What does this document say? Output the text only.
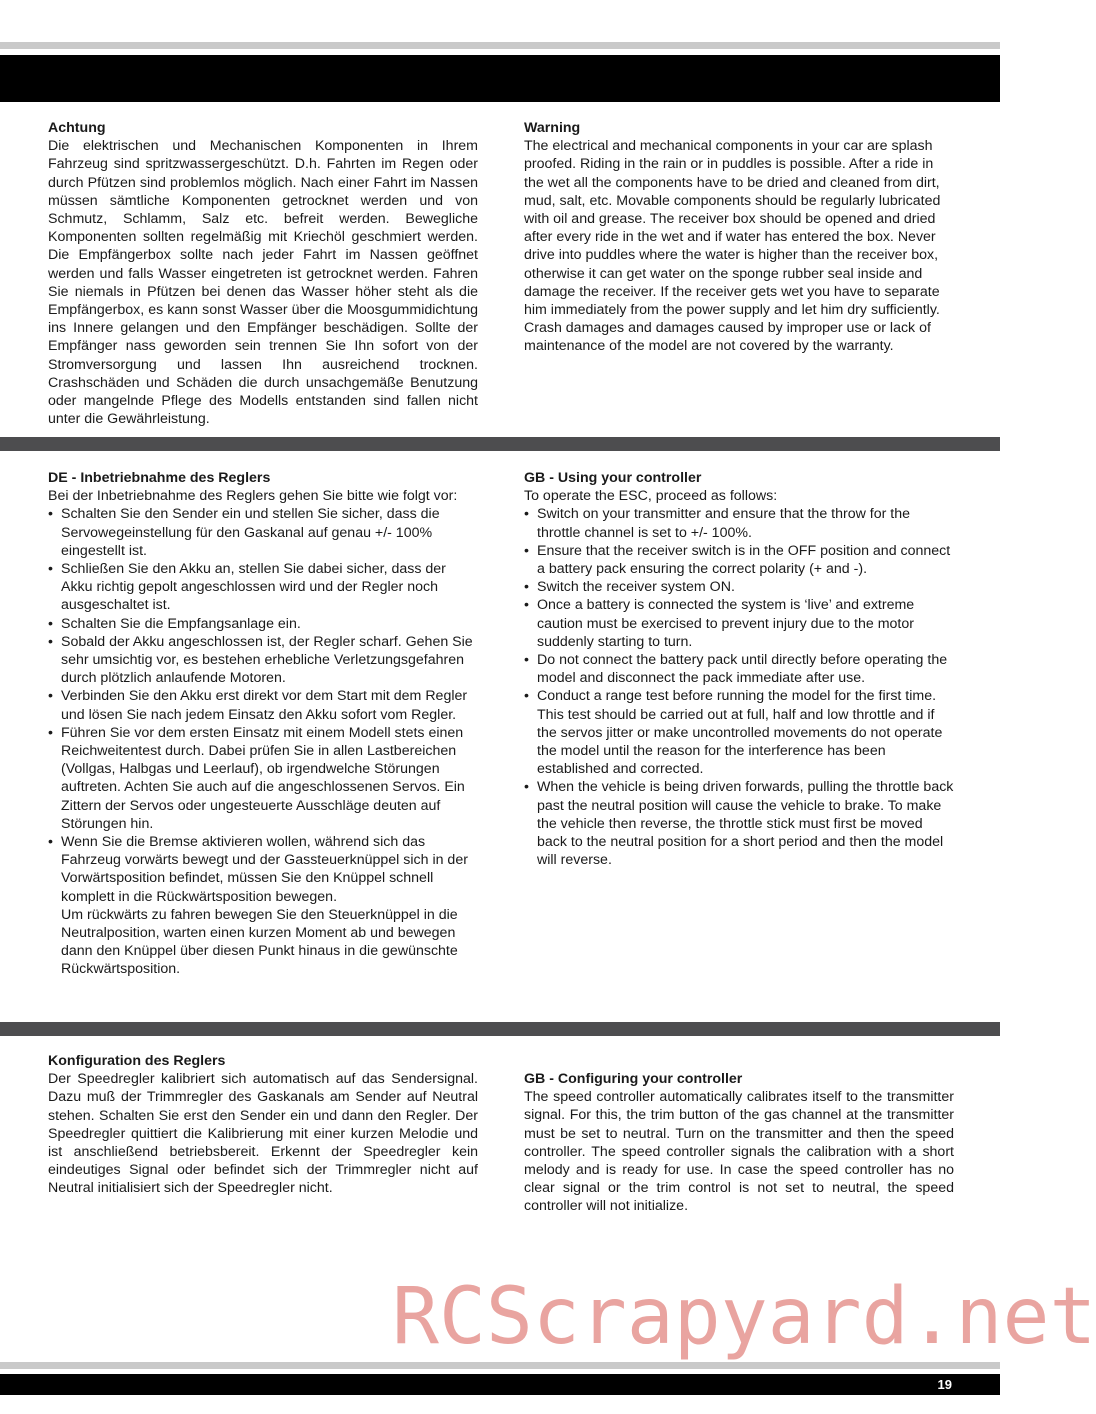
Achtung
Die elektrischen und Mechanischen Komponenten in Ihrem Fahrzeug sind spritzwassergeschützt. D.h. Fahrten im Regen oder durch Pfützen sind problemlos möglich. Nach einer Fahrt im Nassen müssen sämtliche Komponenten getrocknet werden und von Schmutz, Schlamm, Salz etc. befreit werden. Bewegliche Komponenten sollten regelmäßig mit Kriechöl geschmiert werden. Die Empfängerbox sollte nach jeder Fahrt im Nassen geöffnet werden und falls Wasser eingetreten ist getrocknet werden. Fahren Sie niemals in Pfützen bei denen das Wasser höher steht als die Empfängerbox, es kann sonst Wasser über die Moosgummidichtung ins Innere gelangen und den Empfänger beschädigen. Sollte der Empfänger nass geworden sein trennen Sie Ihn sofort von der Stromversorgung und lassen Ihn ausreichend trocknen. Crashschäden und Schäden die durch unsachgemäße Benutzung oder mangelnde Pflege des Modells entstanden sind fallen nicht unter die Gewährleistung.
Warning
The electrical and mechanical components in your car are splash proofed. Riding in the rain or in puddles is possible. After a ride in the wet all the components have to be dried and cleaned from dirt, mud, salt, etc. Movable components should be regularly lubricated with oil and grease. The receiver box should be opened and dried after every ride in the wet and if water has entered the box. Never drive into puddles where the water is higher than the receiver box, otherwise it can get water on the sponge rubber seal inside and damage the receiver. If the receiver gets wet you have to separate him immediately from the power supply and let him dry sufficiently. Crash damages and damages caused by improper use or lack of maintenance of the model are not covered by the warranty.
DE - Inbetriebnahme des Reglers
Bei der Inbetriebnahme des Reglers gehen Sie bitte wie folgt vor:
• Schalten Sie den Sender ein und stellen Sie sicher, dass die Servowegeinstellung für den Gaskanal auf genau +/- 100% eingestellt ist.
• Schließen Sie den Akku an, stellen Sie dabei sicher, dass der Akku richtig gepolt angeschlossen wird und der Regler noch ausgeschaltet ist.
• Schalten Sie die Empfangsanlage ein.
• Sobald der Akku angeschlossen ist, der Regler scharf. Gehen Sie sehr umsichtig vor, es bestehen erhebliche Verletzungsgefahren durch plötzlich anlaufende Motoren.
• Verbinden Sie den Akku erst direkt vor dem Start mit dem Regler und lösen Sie nach jedem Einsatz den Akku sofort vom Regler.
• Führen Sie vor dem ersten Einsatz mit einem Modell stets einen Reichweitentest durch. Dabei prüfen Sie in allen Lastbereichen (Vollgas, Halbgas und Leerlauf), ob irgendwelche Störungen auftreten. Achten Sie auch auf die angeschlossenen Servos. Ein Zittern der Servos oder ungesteuerte Ausschläge deuten auf Störungen hin.
• Wenn Sie die Bremse aktivieren wollen, während sich das Fahrzeug vorwärts bewegt und der Gassteuerknüppel sich in der Vorwärtsposition befindet, müssen Sie den Knüppel schnell komplett in die Rückwärtsposition bewegen.
Um rückwärts zu fahren bewegen Sie den Steuerknüppel in die Neutralposition, warten einen kurzen Moment ab und bewegen dann den Knüppel über diesen Punkt hinaus in die gewünschte Rückwärtsposition.
GB - Using your controller
To operate the ESC, proceed as follows:
• Switch on your transmitter and ensure that the throw for the throttle channel is set to +/- 100%.
• Ensure that the receiver switch is in the OFF position and connect a battery pack ensuring the correct polarity (+ and -).
• Switch the receiver system ON.
• Once a battery is connected the system is ‘live’ and extreme caution must be exercised to prevent injury due to the motor suddenly starting to turn.
• Do not connect the battery pack until directly before operating the model and disconnect the pack immediate after use.
• Conduct a range test before running the model for the first time. This test should be carried out at full, half and low throttle and if the servos jitter or make uncontrolled movements do not operate the model until the reason for the interference has been established and corrected.
• When the vehicle is being driven forwards, pulling the throttle back past the neutral position will cause the vehicle to brake. To make the vehicle then reverse, the throttle stick must first be moved back to the neutral position for a short period and then the model will reverse.
Konfiguration des Reglers
Der Speedregler kalibriert sich automatisch auf das Sendersignal. Dazu muß der Trimmregler des Gaskanals am Sender auf Neutral stehen. Schalten Sie erst den Sender ein und dann den Regler. Der Speedregler quittiert die Kalibrierung mit einer kurzen Melodie und ist anschließend betriebsbereit. Erkennt der Speedregler kein eindeutiges Signal oder befindet sich der Trimmregler nicht auf Neutral initialisiert sich der Speedregler nicht.
GB - Configuring your controller
The speed controller automatically calibrates itself to the transmitter signal. For this, the trim button of the gas channel at the transmitter must be set to neutral. Turn on the transmitter and then the speed controller. The speed controller signals the calibration with a short melody and is ready for use. In case the speed controller has no clear signal or the trim control is not set to neutral, the speed controller will not initialize.
RCScrapyard.net
19
